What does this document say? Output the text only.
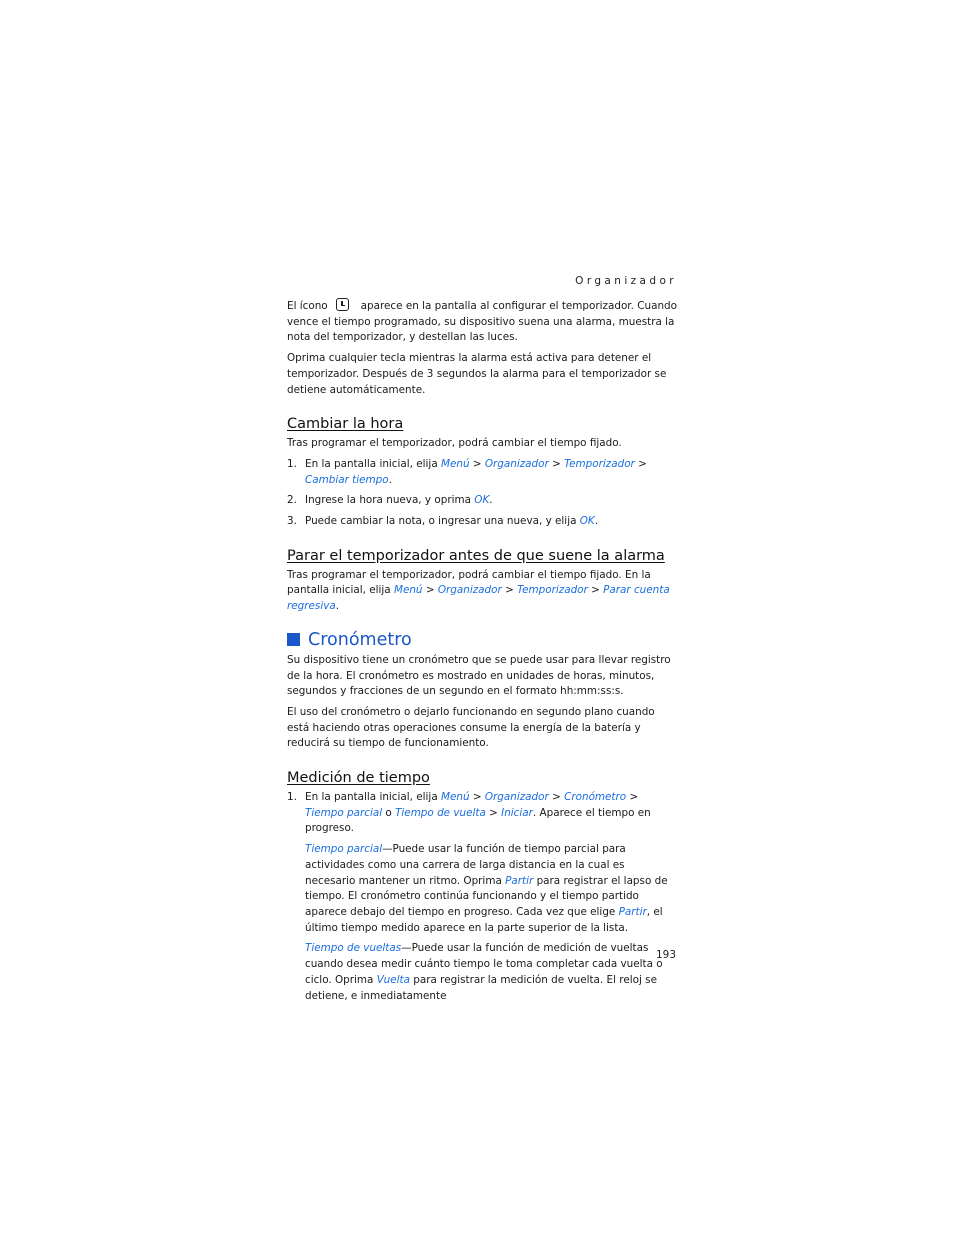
Organizador

El ícono	aparece en la pantalla al configurar el temporizador. Cuando vence el tiempo programado, su dispositivo suena una alarma, muestra la nota del temporizador, y destellan las luces.

Oprima cualquier tecla mientras la alarma está activa para detener el temporizador. Después de 3 segundos la alarma para el temporizador se detiene automáticamente.

Cambiar la hora

Tras programar el temporizador, podrá cambiar el tiempo fijado.

1. En la pantalla inicial, elija Menú > Organizador > Temporizador > Cambiar tiempo.
2. Ingrese la hora nueva, y oprima OK.
3. Puede cambiar la nota, o ingresar una nueva, y elija OK.
Parar el temporizador antes de que suene la alarma

Tras programar el temporizador, podrá cambiar el tiempo fijado. En la pantalla inicial, elija Menú > Organizador > Temporizador > Parar cuenta regresiva.

Cronómetro

Su dispositivo tiene un cronómetro que se puede usar para llevar registro de la hora. El cronómetro es mostrado en unidades de horas, minutos, segundos y fracciones de un segundo en el formato hh:mm:ss:s.

El uso del cronómetro o dejarlo funcionando en segundo plano cuando está haciendo otras operaciones consume la energía de la batería y reducirá su tiempo de funcionamiento.

Medición de tiempo
1. En la pantalla inicial, elija Menú > Organizador > Cronómetro > Tiempo parcial o Tiempo de vuelta > Iniciar. Aparece el tiempo en progreso.

Tiempo parcial—Puede usar la función de tiempo parcial para actividades como una carrera de larga distancia en la cual es necesario mantener un ritmo. Oprima Partir para registrar el lapso de tiempo. El cronómetro continúa funcionando y el tiempo partido aparece debajo del tiempo en progreso. Cada vez que elige Partir, el último tiempo medido aparece en la parte superior de la lista.

Tiempo de vueltas—Puede usar la función de medición de vueltas cuando desea medir cuánto tiempo le toma completar cada vuelta o ciclo. Oprima Vuelta para registrar la medición de vuelta. El reloj se detiene, e inmediatamente

193
